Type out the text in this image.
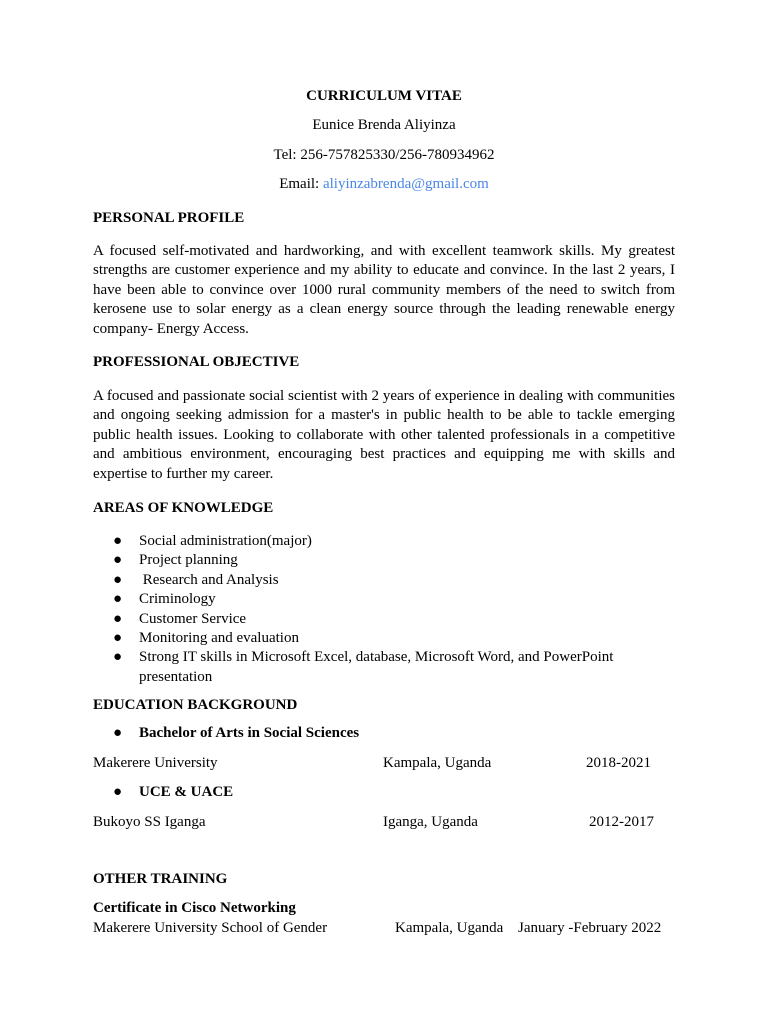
CURRICULUM VITAE
Eunice Brenda Aliyinza
Tel: 256-757825330/256-780934962
Email: aliyinzabrenda@gmail.com
PERSONAL PROFILE
A focused self-motivated and hardworking, and with excellent teamwork skills. My greatest strengths are customer experience and my ability to educate and convince. In the last 2 years, I have been able to convince over 1000 rural community members of the need to switch from kerosene use to solar energy as a clean energy source through the leading renewable energy company- Energy Access.
PROFESSIONAL OBJECTIVE
A focused and passionate social scientist with 2 years of experience in dealing with communities and ongoing seeking admission for a master's in public health to be able to tackle emerging public health issues. Looking to collaborate with other talented professionals in a competitive and ambitious environment, encouraging best practices and equipping me with skills and expertise to further my career.
AREAS OF KNOWLEDGE
● Social administration(major)
● Project planning
● Research and Analysis
● Criminology
● Customer Service
● Monitoring and evaluation
● Strong IT skills in Microsoft Excel, database, Microsoft Word, and PowerPoint presentation
EDUCATION BACKGROUND
● Bachelor of Arts in Social Sciences
Makerere University	Kampala, Uganda	2018-2021
● UCE & UACE
Bukoyo SS Iganga	Iganga, Uganda	2012-2017
OTHER TRAINING
Certificate in Cisco Networking
Makerere University School of Gender	Kampala, Uganda January -February 2022
